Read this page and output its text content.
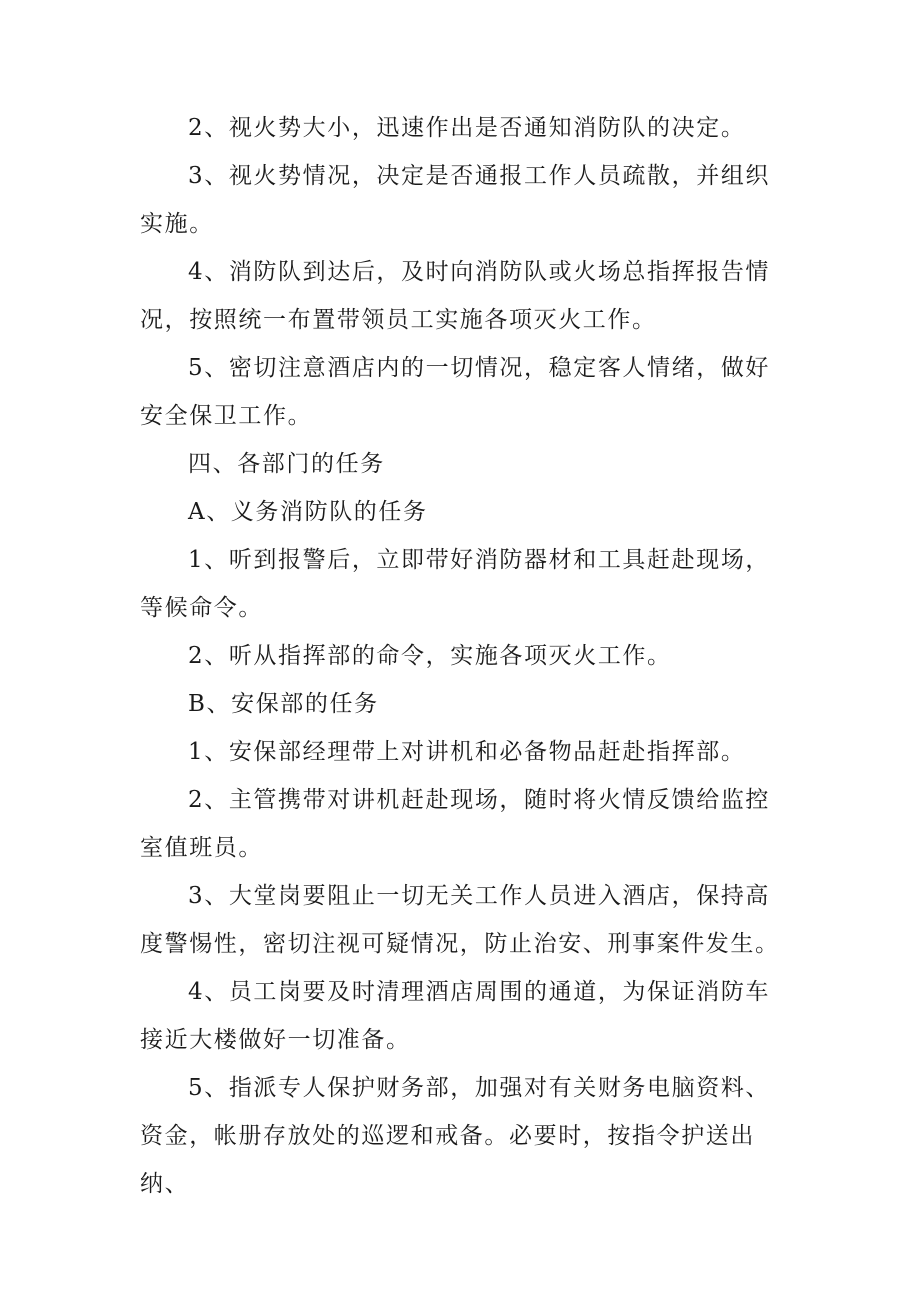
2、视火势大小，迅速作出是否通知消防队的决定。

3、视火势情况，决定是否通报工作人员疏散，并组织实施。

4、消防队到达后，及时向消防队或火场总指挥报告情况，按照统一布置带领员工实施各项灭火工作。

5、密切注意酒店内的一切情况，稳定客人情绪，做好安全保卫工作。

四、各部门的任务

A、义务消防队的任务

1、听到报警后，立即带好消防器材和工具赶赴现场，等候命令。

2、听从指挥部的命令，实施各项灭火工作。

B、安保部的任务

1、安保部经理带上对讲机和必备物品赶赴指挥部。

2、主管携带对讲机赶赴现场，随时将火情反馈给监控室值班员。

3、大堂岗要阻止一切无关工作人员进入酒店，保持高度警惕性，密切注视可疑情况，防止治安、刑事案件发生。

4、员工岗要及时清理酒店周围的通道，为保证消防车接近大楼做好一切准备。

5、指派专人保护财务部，加强对有关财务电脑资料、资金，帐册存放处的巡逻和戒备。必要时，按指令护送出纳、
